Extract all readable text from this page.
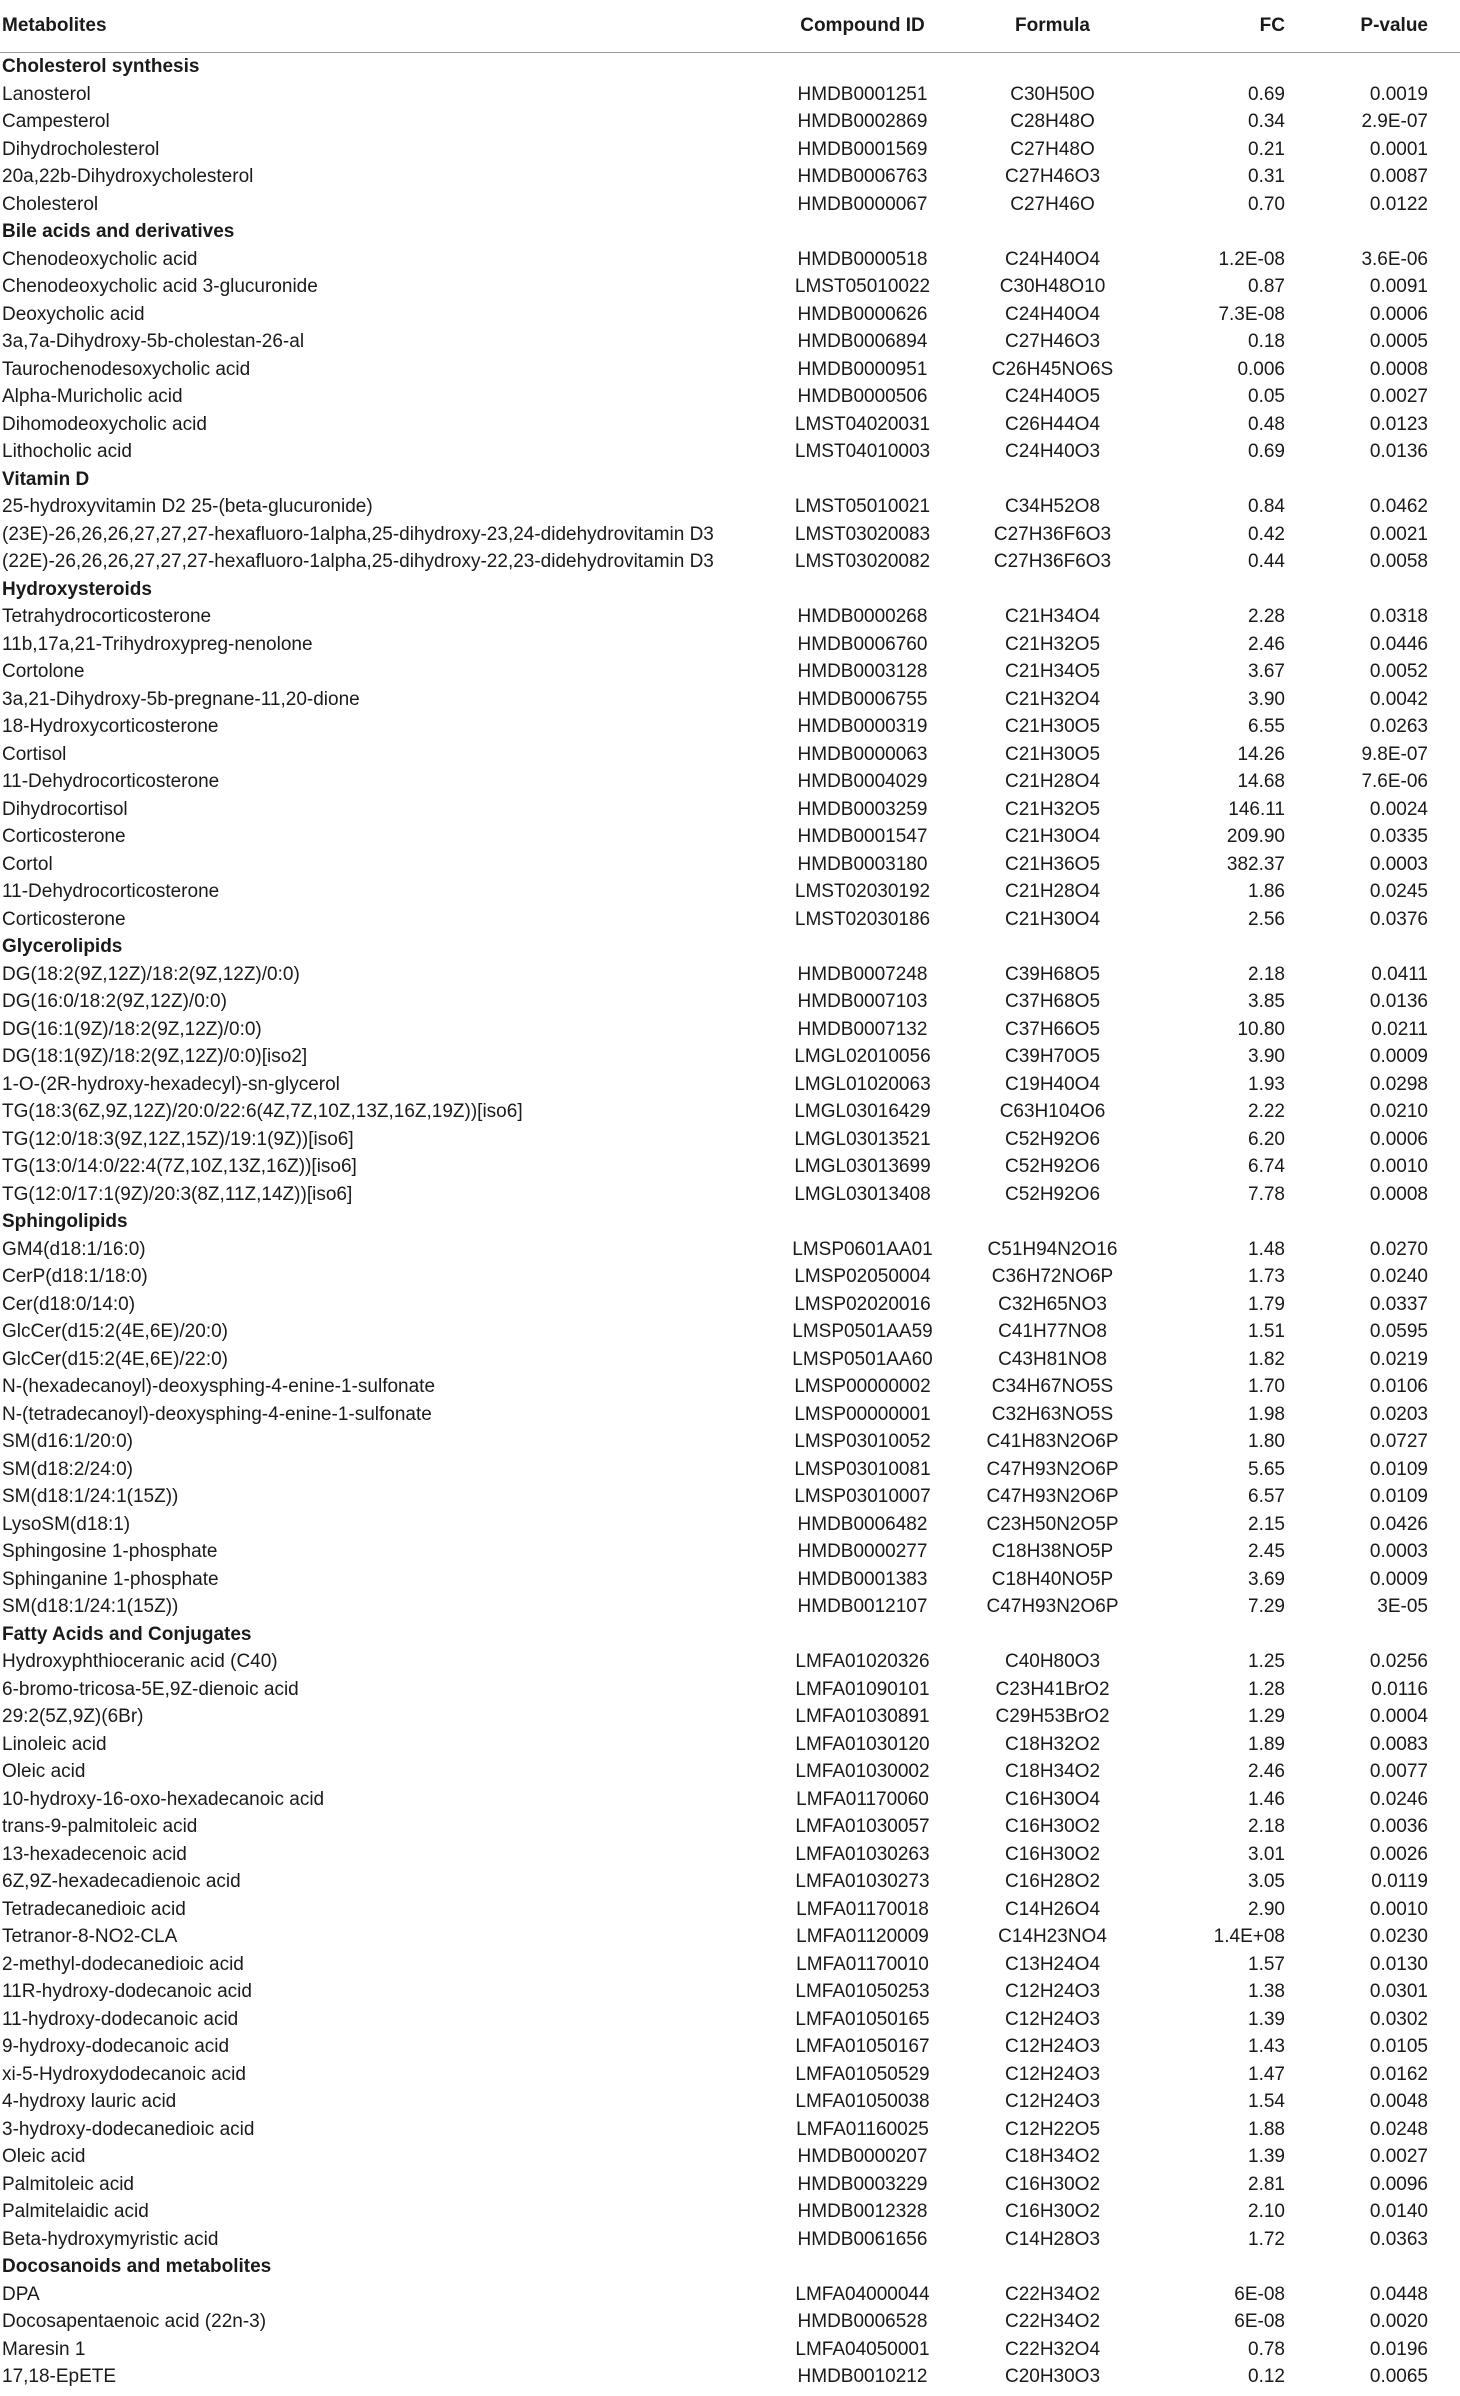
Metabolites	Compound ID	Formula	FC	P-value
Cholesterol synthesis
Lanosterol	HMDB0001251	C30H50O	0.69	0.0019
Campesterol	HMDB0002869	C28H48O	0.34	2.9E-07
Dihydrocholesterol	HMDB0001569	C27H48O	0.21	0.0001
20a,22b-Dihydroxycholesterol	HMDB0006763	C27H46O3	0.31	0.0087
Cholesterol	HMDB0000067	C27H46O	0.70	0.0122
Bile acids and derivatives
Chenodeoxycholic acid	HMDB0000518	C24H40O4	1.2E-08	3.6E-06
Chenodeoxycholic acid 3-glucuronide	LMST05010022	C30H48O10	0.87	0.0091
Deoxycholic acid	HMDB0000626	C24H40O4	7.3E-08	0.0006
3a,7a-Dihydroxy-5b-cholestan-26-al	HMDB0006894	C27H46O3	0.18	0.0005
Taurochenodesoxycholic acid	HMDB0000951	C26H45NO6S	0.006	0.0008
Alpha-Muricholic acid	HMDB0000506	C24H40O5	0.05	0.0027
Dihomodeoxycholic acid	LMST04020031	C26H44O4	0.48	0.0123
Lithocholic acid	LMST04010003	C24H40O3	0.69	0.0136
Vitamin D
25-hydroxyvitamin D2 25-(beta-glucuronide)	LMST05010021	C34H52O8	0.84	0.0462
(23E)-26,26,26,27,27,27-hexafluoro-1alpha,25-dihydroxy-23,24-didehydrovitamin D3	LMST03020083	C27H36F6O3	0.42	0.0021
(22E)-26,26,26,27,27,27-hexafluoro-1alpha,25-dihydroxy-22,23-didehydrovitamin D3	LMST03020082	C27H36F6O3	0.44	0.0058
Hydroxysteroids
Tetrahydrocorticosterone	HMDB0000268	C21H34O4	2.28	0.0318
11b,17a,21-Trihydroxypreg-nenolone	HMDB0006760	C21H32O5	2.46	0.0446
Cortolone	HMDB0003128	C21H34O5	3.67	0.0052
3a,21-Dihydroxy-5b-pregnane-11,20-dione	HMDB0006755	C21H32O4	3.90	0.0042
18-Hydroxycorticosterone	HMDB0000319	C21H30O5	6.55	0.0263
Cortisol	HMDB0000063	C21H30O5	14.26	9.8E-07
11-Dehydrocorticosterone	HMDB0004029	C21H28O4	14.68	7.6E-06
Dihydrocortisol	HMDB0003259	C21H32O5	146.11	0.0024
Corticosterone	HMDB0001547	C21H30O4	209.90	0.0335
Cortol	HMDB0003180	C21H36O5	382.37	0.0003
11-Dehydrocorticosterone	LMST02030192	C21H28O4	1.86	0.0245
Corticosterone	LMST02030186	C21H30O4	2.56	0.0376
Glycerolipids
DG(18:2(9Z,12Z)/18:2(9Z,12Z)/0:0)	HMDB0007248	C39H68O5	2.18	0.0411
DG(16:0/18:2(9Z,12Z)/0:0)	HMDB0007103	C37H68O5	3.85	0.0136
DG(16:1(9Z)/18:2(9Z,12Z)/0:0)	HMDB0007132	C37H66O5	10.80	0.0211
DG(18:1(9Z)/18:2(9Z,12Z)/0:0)[iso2]	LMGL02010056	C39H70O5	3.90	0.0009
1-O-(2R-hydroxy-hexadecyl)-sn-glycerol	LMGL01020063	C19H40O4	1.93	0.0298
TG(18:3(6Z,9Z,12Z)/20:0/22:6(4Z,7Z,10Z,13Z,16Z,19Z))[iso6]	LMGL03016429	C63H104O6	2.22	0.0210
TG(12:0/18:3(9Z,12Z,15Z)/19:1(9Z))[iso6]	LMGL03013521	C52H92O6	6.20	0.0006
TG(13:0/14:0/22:4(7Z,10Z,13Z,16Z))[iso6]	LMGL03013699	C52H92O6	6.74	0.0010
TG(12:0/17:1(9Z)/20:3(8Z,11Z,14Z))[iso6]	LMGL03013408	C52H92O6	7.78	0.0008
Sphingolipids
GM4(d18:1/16:0)	LMSP0601AA01	C51H94N2O16	1.48	0.0270
CerP(d18:1/18:0)	LMSP02050004	C36H72NO6P	1.73	0.0240
Cer(d18:0/14:0)	LMSP02020016	C32H65NO3	1.79	0.0337
GlcCer(d15:2(4E,6E)/20:0)	LMSP0501AA59	C41H77NO8	1.51	0.0595
GlcCer(d15:2(4E,6E)/22:0)	LMSP0501AA60	C43H81NO8	1.82	0.0219
N-(hexadecanoyl)-deoxysphing-4-enine-1-sulfonate	LMSP00000002	C34H67NO5S	1.70	0.0106
N-(tetradecanoyl)-deoxysphing-4-enine-1-sulfonate	LMSP00000001	C32H63NO5S	1.98	0.0203
SM(d16:1/20:0)	LMSP03010052	C41H83N2O6P	1.80	0.0727
SM(d18:2/24:0)	LMSP03010081	C47H93N2O6P	5.65	0.0109
SM(d18:1/24:1(15Z))	LMSP03010007	C47H93N2O6P	6.57	0.0109
LysoSM(d18:1)	HMDB0006482	C23H50N2O5P	2.15	0.0426
Sphingosine 1-phosphate	HMDB0000277	C18H38NO5P	2.45	0.0003
Sphinganine 1-phosphate	HMDB0001383	C18H40NO5P	3.69	0.0009
SM(d18:1/24:1(15Z))	HMDB0012107	C47H93N2O6P	7.29	3E-05
Fatty Acids and Conjugates
Hydroxyphthioceranic acid (C40)	LMFA01020326	C40H80O3	1.25	0.0256
6-bromo-tricosa-5E,9Z-dienoic acid	LMFA01090101	C23H41BrO2	1.28	0.0116
29:2(5Z,9Z)(6Br)	LMFA01030891	C29H53BrO2	1.29	0.0004
Linoleic acid	LMFA01030120	C18H32O2	1.89	0.0083
Oleic acid	LMFA01030002	C18H34O2	2.46	0.0077
10-hydroxy-16-oxo-hexadecanoic acid	LMFA01170060	C16H30O4	1.46	0.0246
trans-9-palmitoleic acid	LMFA01030057	C16H30O2	2.18	0.0036
13-hexadecenoic acid	LMFA01030263	C16H30O2	3.01	0.0026
6Z,9Z-hexadecadienoic acid	LMFA01030273	C16H28O2	3.05	0.0119
Tetradecanedioic acid	LMFA01170018	C14H26O4	2.90	0.0010
Tetranor-8-NO2-CLA	LMFA01120009	C14H23NO4	1.4E+08	0.0230
2-methyl-dodecanedioic acid	LMFA01170010	C13H24O4	1.57	0.0130
11R-hydroxy-dodecanoic acid	LMFA01050253	C12H24O3	1.38	0.0301
11-hydroxy-dodecanoic acid	LMFA01050165	C12H24O3	1.39	0.0302
9-hydroxy-dodecanoic acid	LMFA01050167	C12H24O3	1.43	0.0105
xi-5-Hydroxydodecanoic acid	LMFA01050529	C12H24O3	1.47	0.0162
4-hydroxy lauric acid	LMFA01050038	C12H24O3	1.54	0.0048
3-hydroxy-dodecanedioic acid	LMFA01160025	C12H22O5	1.88	0.0248
Oleic acid	HMDB0000207	C18H34O2	1.39	0.0027
Palmitoleic acid	HMDB0003229	C16H30O2	2.81	0.0096
Palmitelaidic acid	HMDB0012328	C16H30O2	2.10	0.0140
Beta-hydroxymyristic acid	HMDB0061656	C14H28O3	1.72	0.0363
Docosanoids and metabolites
DPA	LMFA04000044	C22H34O2	6E-08	0.0448
Docosapentaenoic acid (22n-3)	HMDB0006528	C22H34O2	6E-08	0.0020
Maresin 1	LMFA04050001	C22H32O4	0.78	0.0196
17,18-EpETE	HMDB0010212	C20H30O3	0.12	0.0065
